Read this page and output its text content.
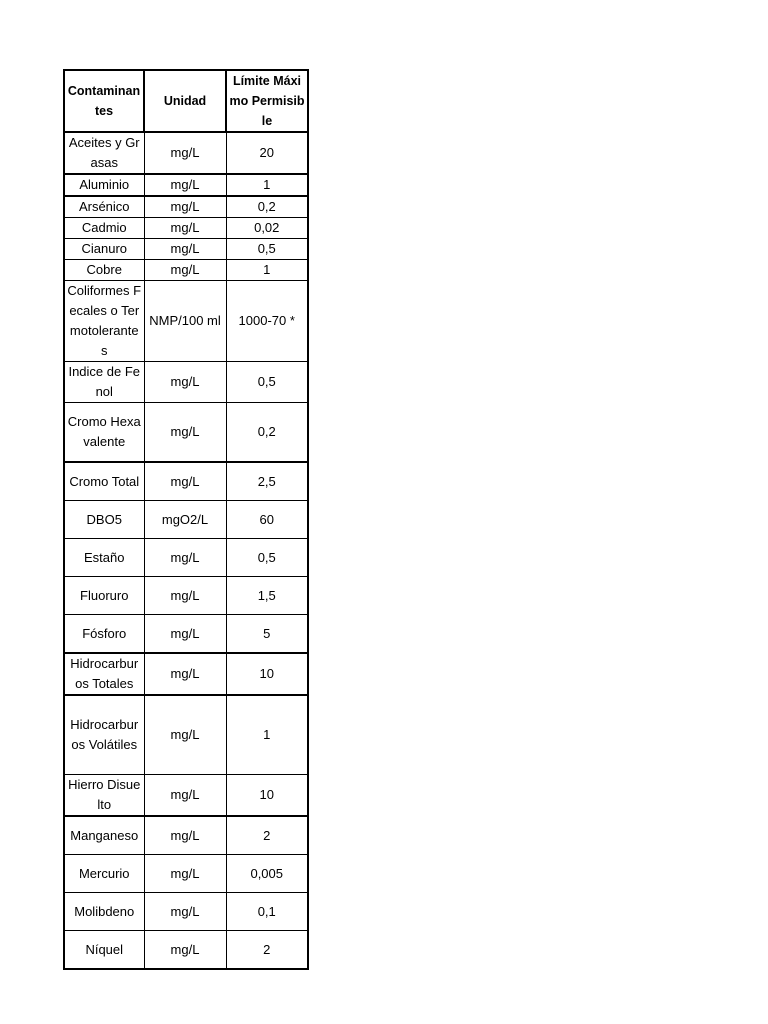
Contaminantes	Unidad	Límite Máximo Permisible
Aceites y Grasas	mg/L	20
Aluminio	mg/L	1
Arsénico	mg/L	0,2
Cadmio	mg/L	0,02
Cianuro	mg/L	0,5
Cobre	mg/L	1
Coliformes Fecales o Termotolerantes	NMP/100 ml	1000-70 *
Indice de Fenol	mg/L	0,5
Cromo Hexavalente	mg/L	0,2
Cromo Total	mg/L	2,5
DBO5	mgO2/L	60
Estaño	mg/L	0,5
Fluoruro	mg/L	1,5
Fósforo	mg/L	5
Hidrocarburos Totales	mg/L	10
Hidrocarburos Volátiles	mg/L	1
Hierro Disuelto	mg/L	10
Manganeso	mg/L	2
Mercurio	mg/L	0,005
Molibdeno	mg/L	0,1
Níquel	mg/L	2
